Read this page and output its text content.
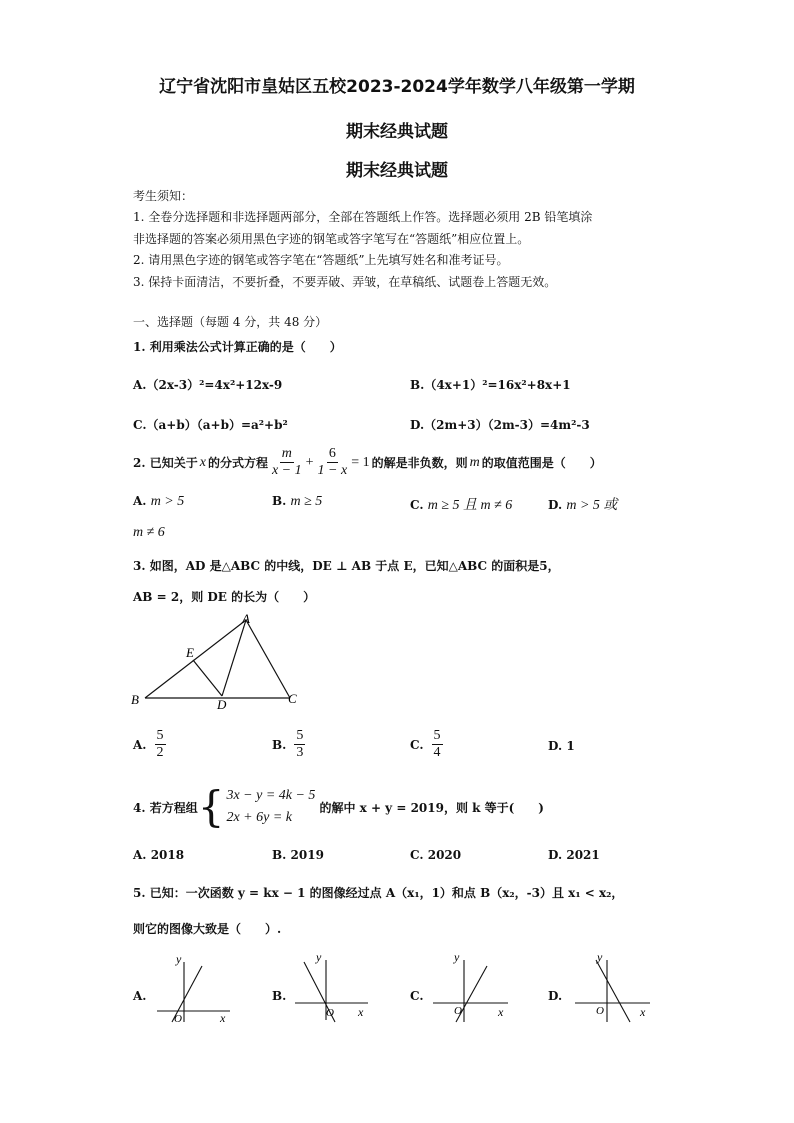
辽宁省沈阳市皇姑区五校2023-2024学年数学八年级第一学期
期末经典试题
期末经典试题
考生须知：
1. 全卷分选择题和非选择题两部分，全部在答题纸上作答。选择题必须用 2B 铅笔填涂
非选择题的答案必须用黑色字迹的钢笔或答字笔写在“答题纸”相应位置上。
2. 请用黑色字迹的钢笔或答字笔在“答题纸”上先填写姓名和准考证号。
3. 保持卡面清洁，不要折叠，不要弄破、弄皱，在草稿纸、试题卷上答题无效。
一、选择题（每题 4 分，共 48 分）
1. 利用乘法公式计算正确的是（　　）
A.（2x-3）²=4x²+12x-9	B.（4x+1）²=16x²+8x+1
C.（a+b）（a+b）=a²+b²	D.（2m+3）（2m-3）=4m²-3
2. 已知关于 x 的分式方程 $\frac{m}{x - 1} + \frac{6}{1 - x} = 1$ 的解是非负数，则 m 的取值范围是（　　）
A. m > 5	B. m ≥ 5	C. m ≥ 5 且 m ≠ 6	D. m > 5 或
m ≠ 6
3. 如图，AD 是△ABC 的中线，DE ⊥ AB 于点 E，已知△ABC 的面积是5，
AB = 2，则 DE 的长为（　　）
A
E
B	D	C
A. $\frac{5}{2}$	B. $\frac{5}{3}$	C. $\frac{5}{4}$	D. 1
4. 若方程组 { 3x − y = 4k − 5
2x + 6y = k
的解中 x + y = 2019，则 k 等于(　　)
A. 2018	B. 2019	C. 2020	D. 2021
5. 已知：一次函数 y = kx − 1 的图像经过点 A（x₁，1）和点 B（x₂，-3）且 x₁ < x₂，
则它的图像大致是（　　）.
A.
y
x
O
B.
y
x
O
C.
y
x
O
D.
y
x
O
